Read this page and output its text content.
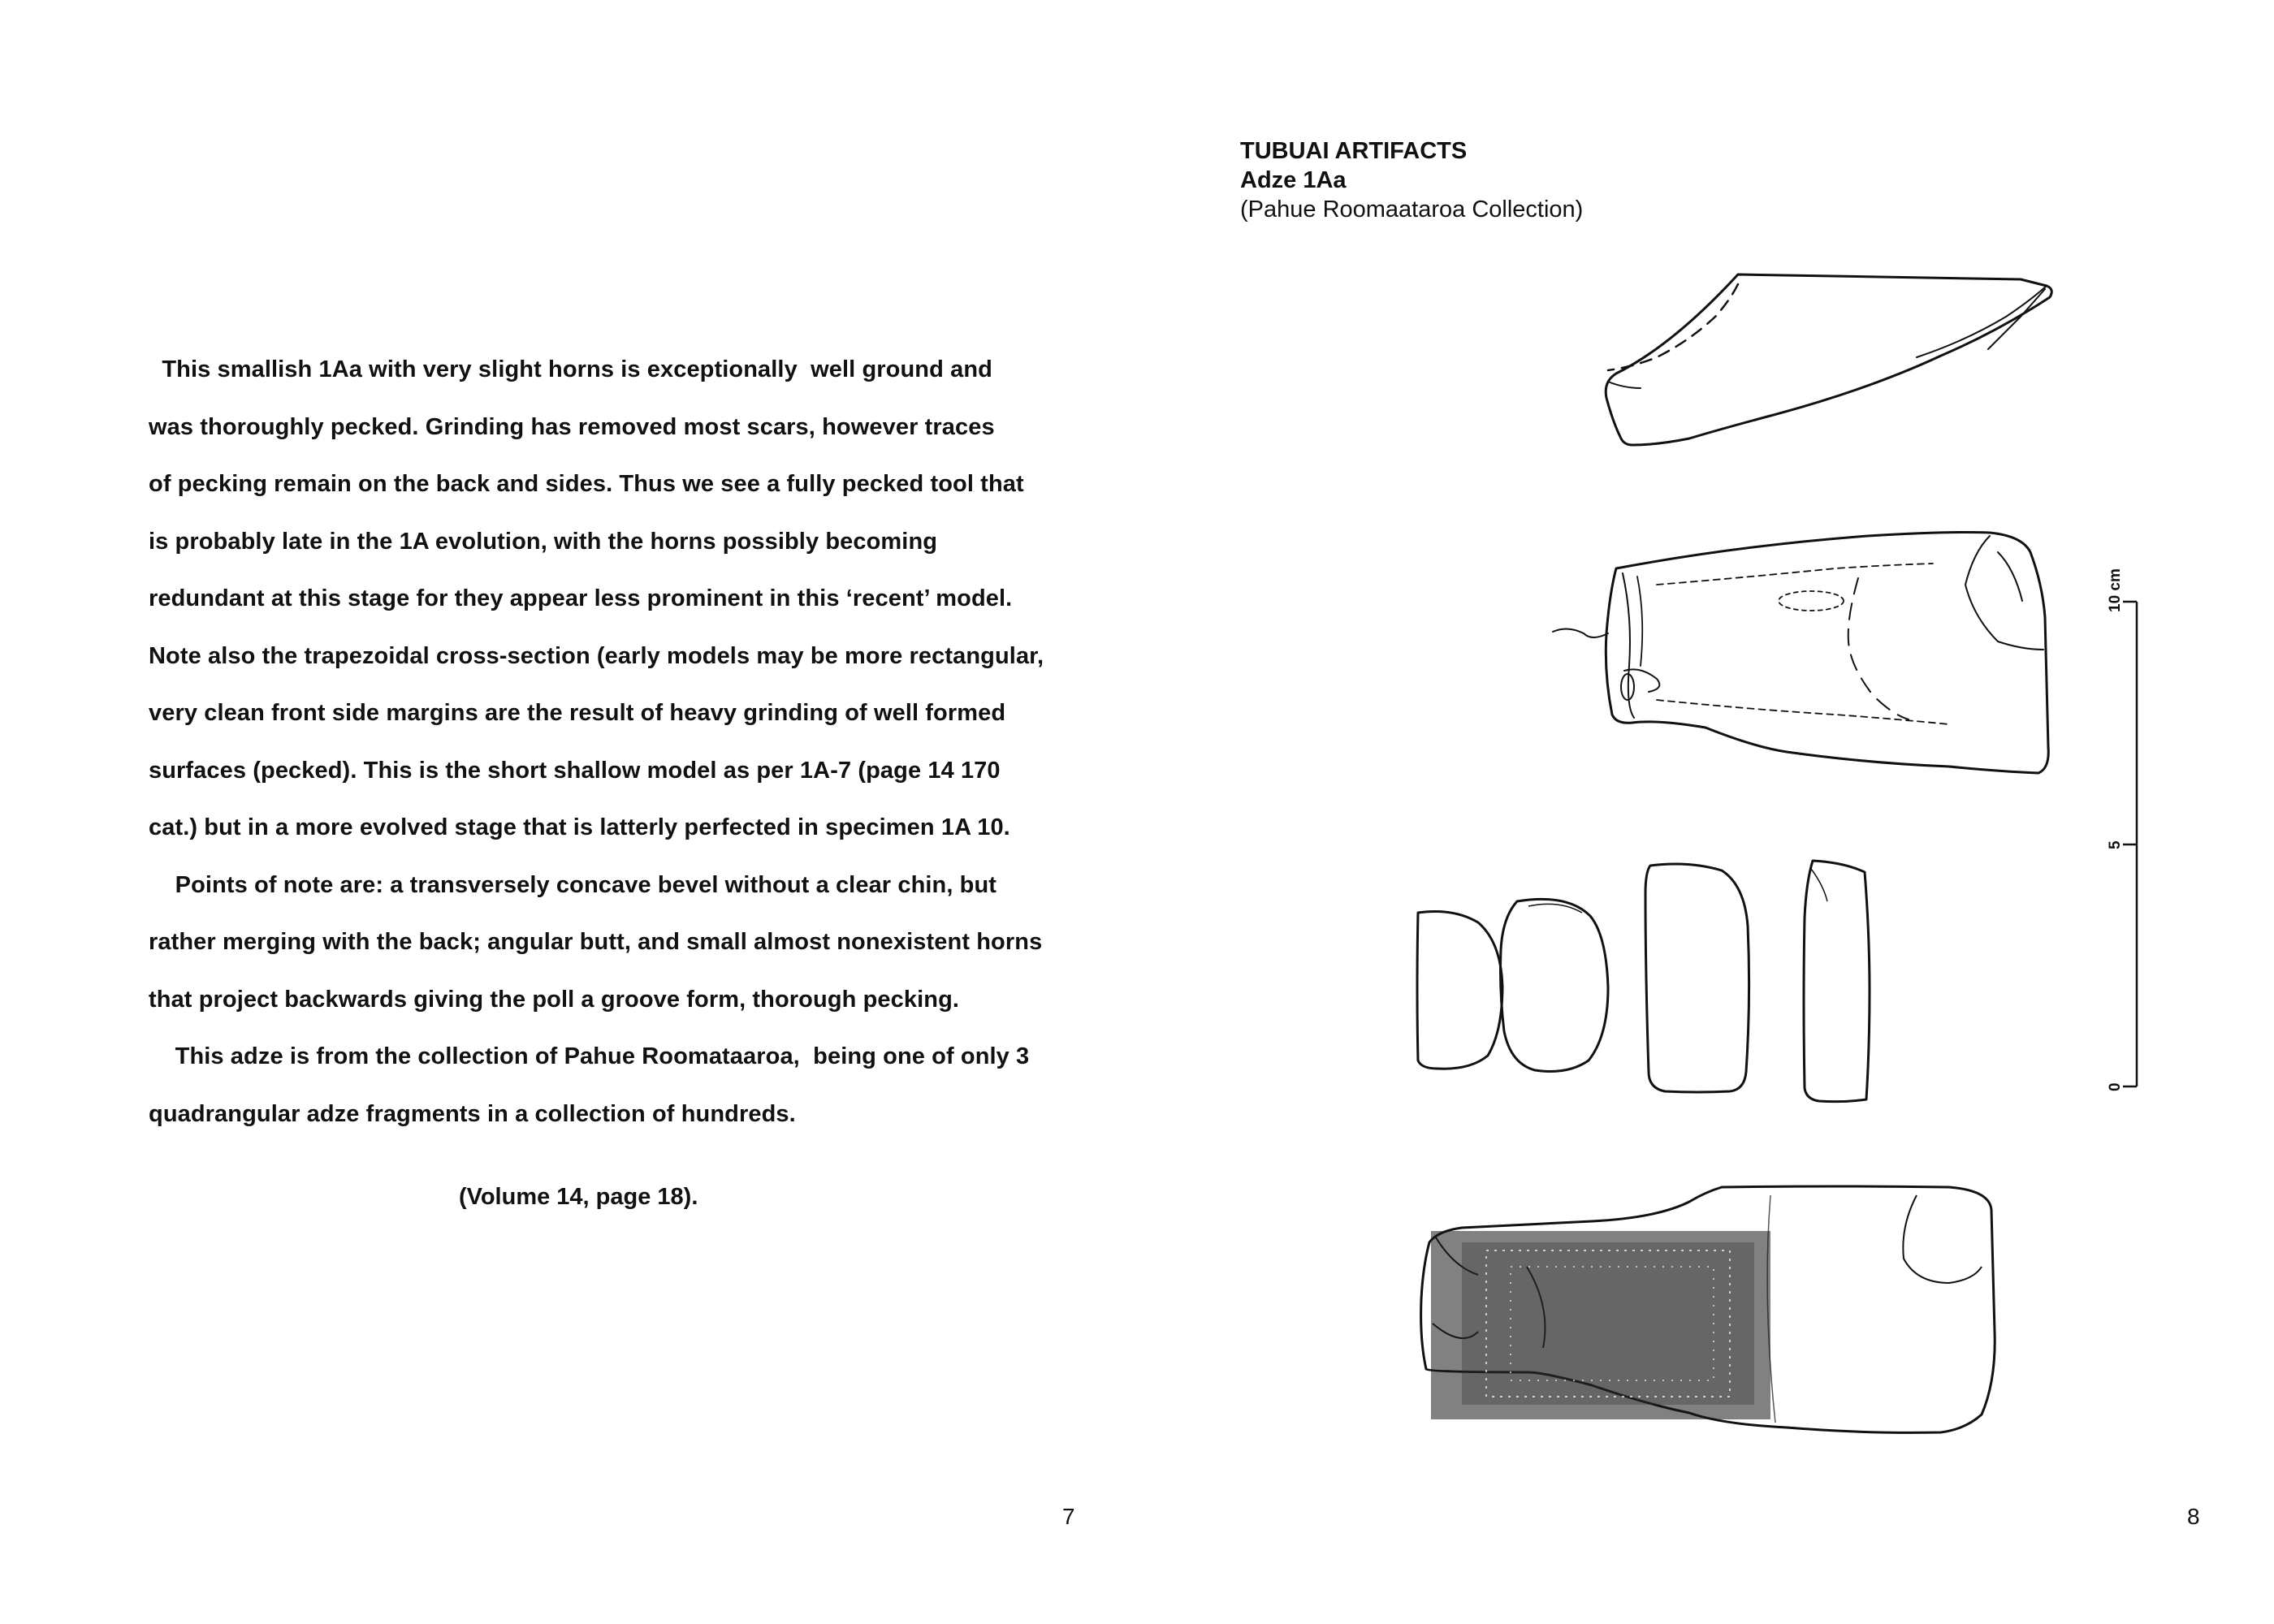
This smallish 1Aa with very slight horns is exceptionally  well ground and

was thoroughly pecked. Grinding has removed most scars, however traces

of pecking remain on the back and sides. Thus we see a fully pecked tool that

is probably late in the 1A evolution, with the horns possibly becoming

redundant at this stage for they appear less prominent in this ‘recent’ model.

Note also the trapezoidal cross-section (early models may be more rectangular,

very clean front side margins are the result of heavy grinding of well formed

surfaces (pecked). This is the short shallow model as per 1A-7 (page 14 170

cat.) but in a more evolved stage that is latterly perfected in specimen 1A 10.

Points of note are: a transversely concave bevel without a clear chin, but

rather merging with the back; angular butt, and small almost nonexistent horns

that project backwards giving the poll a groove form, thorough pecking.

This adze is from the collection of Pahue Roomataaroa,  being one of only 3

quadrangular adze fragments in a collection of hundreds.

(Volume 14, page 18).

7

TUBUAI ARTIFACTS
Adze 1Aa
(Pahue Roomaataroa Collection)
10 cm
5
0

8
